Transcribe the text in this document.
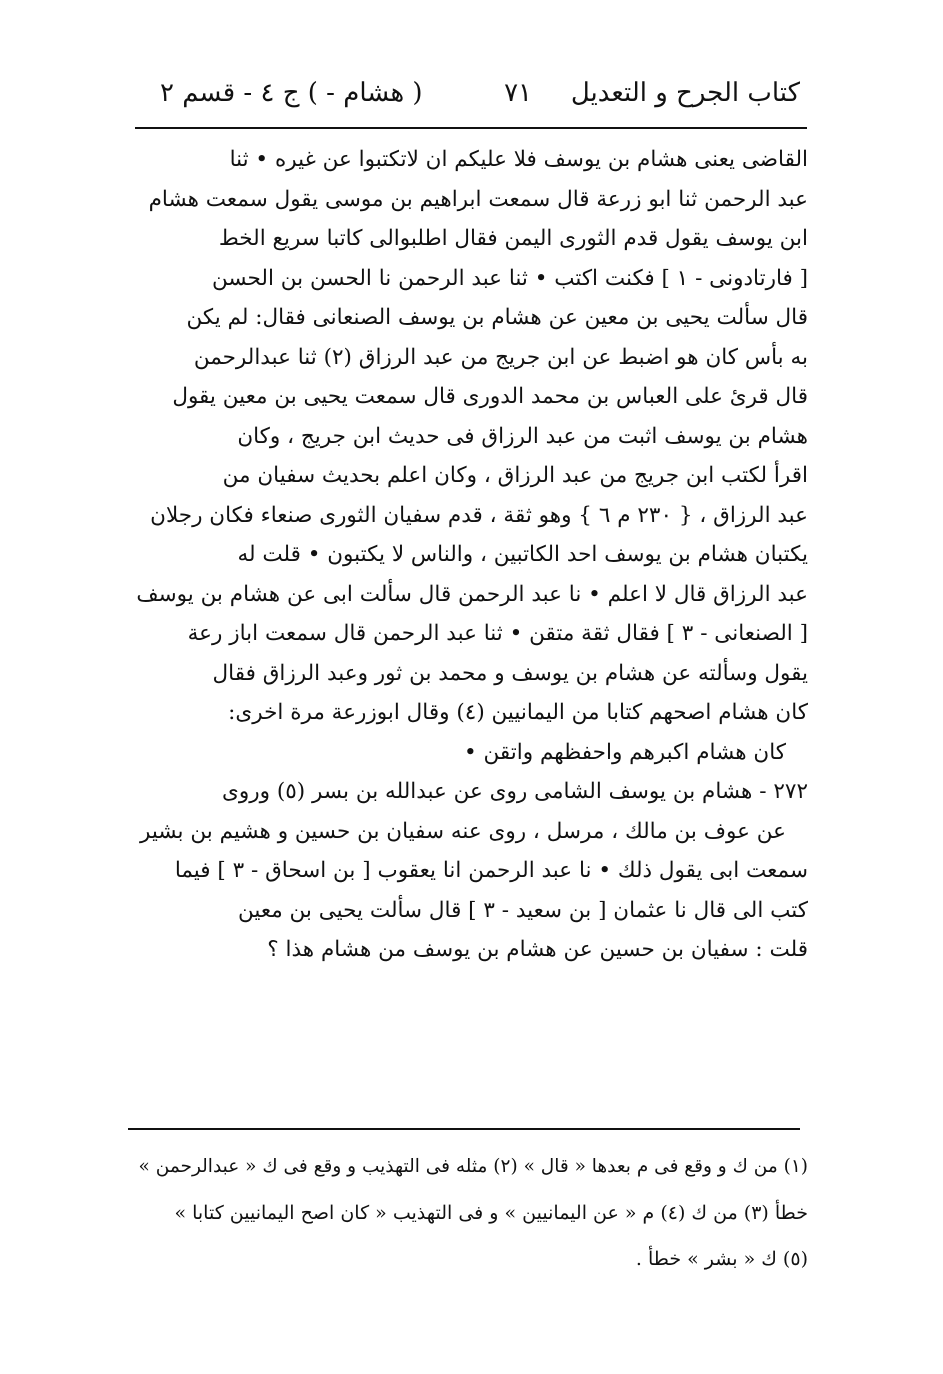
كتاب الجرح و التعديل
٧١
( هشام - ) ج ٤ - قسم ٢
القاضى يعنى هشام بن يوسف فلا عليكم ان لاتكتبوا عن غيره • ثنا
عبد الرحمن ثنا ابو زرعة قال سمعت ابراهيم بن موسى يقول سمعت هشام
ابن يوسف يقول قدم الثورى اليمن فقال اطلبوالى كاتبا سريع الخط
[ فارتادونى - ١ ] فكنت اكتب • ثنا عبد الرحمن نا الحسن بن الحسن
قال سألت يحيى بن معين عن هشام بن يوسف الصنعانى فقال: لم يكن
به بأس كان هو اضبط عن ابن جريج من عبد الرزاق (٢) ثنا عبدالرحمن
قال قرئ على العباس بن محمد الدورى قال سمعت يحيى بن معين يقول
هشام بن يوسف اثبت من عبد الرزاق فى حديث ابن جريج ، وكان
اقرأ لكتب ابن جريج من عبد الرزاق ، وكان اعلم بحديث سفيان من
عبد الرزاق ، { ٢٣٠ م ٦ } وهو ثقة ، قدم سفيان الثورى صنعاء فكان رجلان
يكتبان هشام بن يوسف احد الكاتبين ، والناس لا يكتبون • قلت له
عبد الرزاق قال لا اعلم • نا عبد الرحمن قال سألت ابى عن هشام بن يوسف
[ الصنعانى - ٣ ] فقال ثقة متقن • ثنا عبد الرحمن قال سمعت اباز رعة
يقول وسألته عن هشام بن يوسف و محمد بن ثور وعبد الرزاق فقال
كان هشام اصحهم كتابا من اليمانيين (٤) وقال ابوزرعة مرة اخرى:
كان هشام اكبرهم واحفظهم واتقن •
٢٧٢ - هشام بن يوسف الشامى روى عن عبدالله بن بسر (٥) وروى
عن عوف بن مالك ، مرسل ، روى عنه سفيان بن حسين و هشيم بن بشير
سمعت ابى يقول ذلك • نا عبد الرحمن انا يعقوب [ بن اسحاق - ٣ ] فيما
كتب الى قال نا عثمان [ بن سعيد - ٣ ] قال سألت يحيى بن معين
قلت : سفيان بن حسين عن هشام بن يوسف من هشام هذا ؟
(١) من ك و وقع فى م بعدها « قال » (٢) مثله فى التهذيب و وقع فى ك « عبدالرحمن »
خطأ (٣) من ك (٤) م « عن اليمانيين » و فى التهذيب « كان اصح اليمانيين كتابا »
(٥) ك « بشر » خطأ .
